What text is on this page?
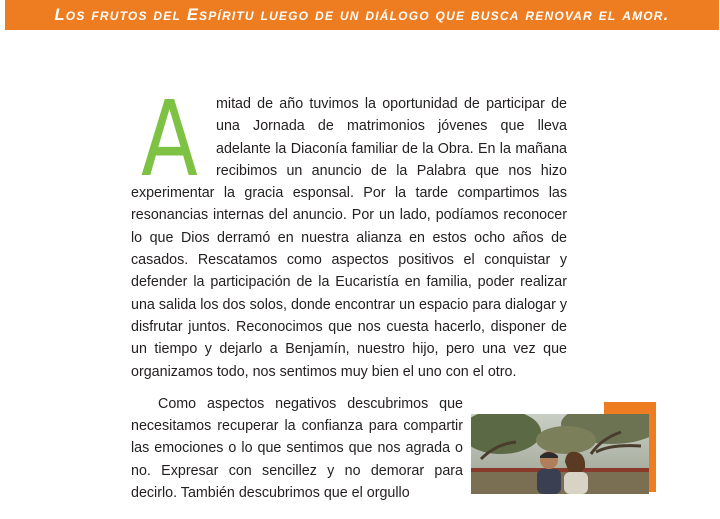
Los frutos del Espíritu luego de un diálogo que busca renovar el amor.

A mitad de año tuvimos la oportunidad de participar de una Jornada de matrimonios jóvenes que lleva adelante la Diaconía familiar de la Obra. En la mañana recibimos un anuncio de la Palabra que nos hizo experimentar la gracia esponsal. Por la tarde compartimos las resonancias internas del anuncio. Por un lado, podíamos reconocer lo que Dios derramó en nuestra alianza en estos ocho años de casados. Rescatamos como aspectos positivos el conquistar y defender la participación de la Eucaristía en familia, poder realizar una salida los dos solos, donde encontrar un espacio para dialogar y disfrutar juntos. Reconocimos que nos cuesta hacerlo, disponer de un tiempo y dejarlo a Benjamín, nuestro hijo, pero una vez que organizamos todo, nos sentimos muy bien el uno con el otro.

Como aspectos negativos descubrimos que necesitamos recuperar la confianza para compartir las emociones o lo que sentimos que nos agrada o no. Expresar con sencillez y no demorar para decirlo. También descubrimos que el orgullo
